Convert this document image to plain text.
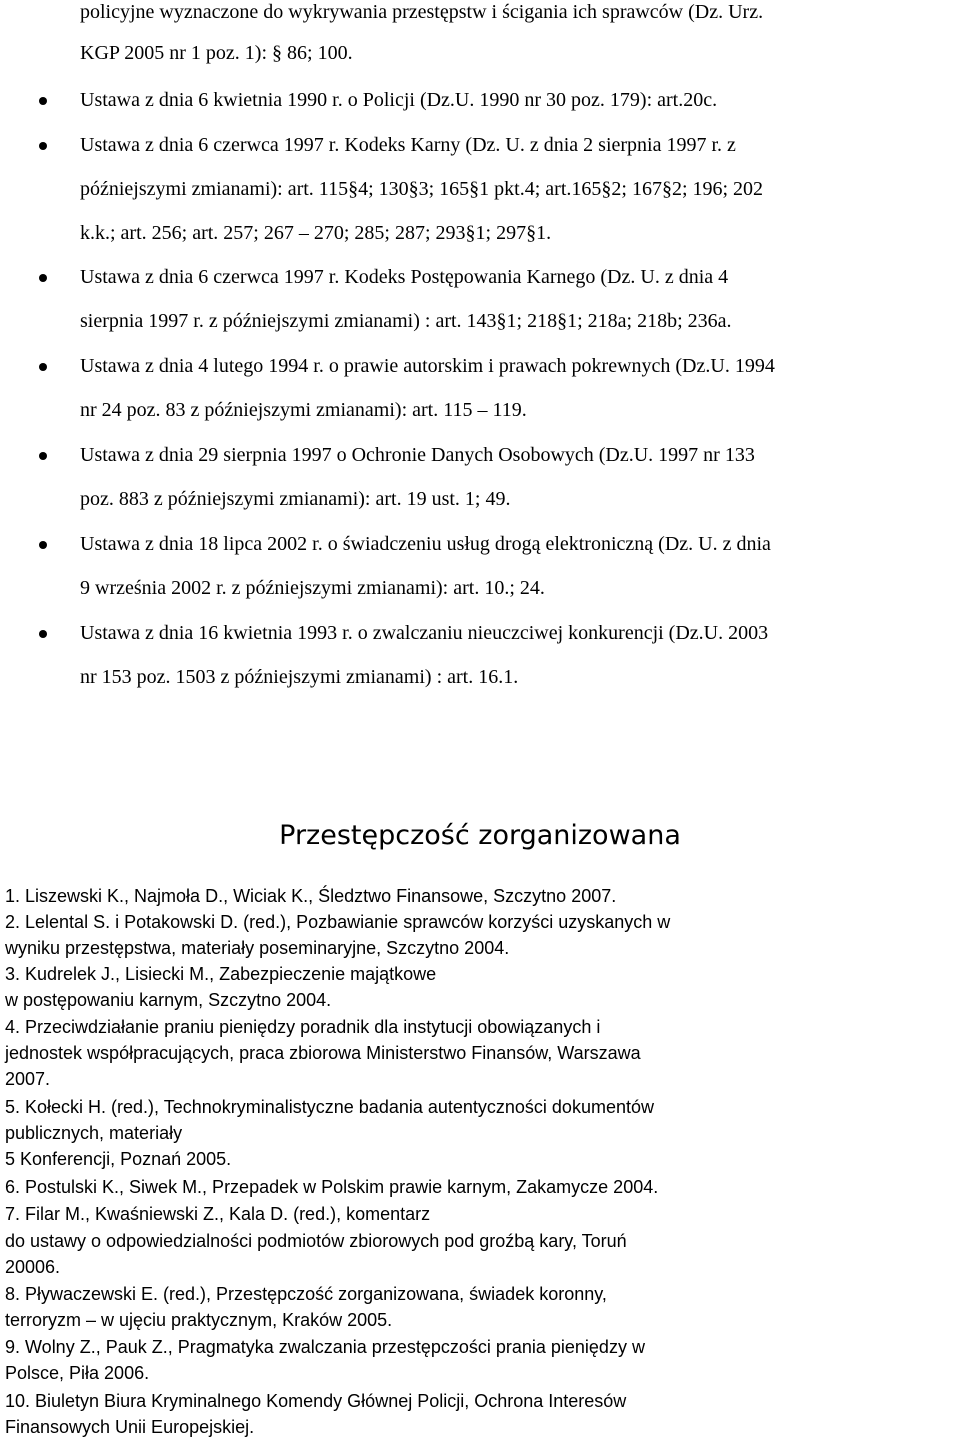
policyjne wyznaczone do wykrywania przestępstw i ścigania ich sprawców (Dz. Urz.

KGP 2005 nr 1 poz. 1): § 86; 100.

Ustawa z dnia 6 kwietnia 1990 r. o Policji (Dz.U. 1990 nr 30 poz. 179): art.20c.

Ustawa z dnia 6 czerwca 1997 r. Kodeks Karny (Dz. U. z dnia 2 sierpnia 1997 r. z

późniejszymi zmianami): art. 115§4; 130§3; 165§1 pkt.4; art.165§2; 167§2; 196; 202

k.k.; art. 256; art. 257; 267 – 270; 285; 287; 293§1; 297§1.

Ustawa z dnia 6 czerwca 1997 r. Kodeks Postępowania Karnego (Dz. U. z dnia 4

sierpnia 1997 r. z późniejszymi zmianami) : art. 143§1; 218§1; 218a; 218b; 236a.

Ustawa z dnia 4 lutego 1994 r. o prawie autorskim i prawach pokrewnych (Dz.U. 1994

nr 24 poz. 83 z późniejszymi zmianami): art. 115 – 119.

Ustawa z dnia 29 sierpnia 1997 o Ochronie Danych Osobowych (Dz.U. 1997 nr 133

poz. 883 z późniejszymi zmianami): art. 19 ust. 1; 49.

Ustawa z dnia 18 lipca 2002 r. o świadczeniu usług drogą elektroniczną (Dz. U. z dnia

9 września 2002 r. z późniejszymi zmianami): art. 10.; 24.

Ustawa z dnia 16 kwietnia 1993 r. o zwalczaniu nieuczciwej konkurencji (Dz.U. 2003

nr 153 poz. 1503 z późniejszymi zmianami) : art. 16.1.

Przestępczość zorganizowana

1. Liszewski K., Najmoła D., Wiciak K., Śledztwo Finansowe, Szczytno 2007.

2. Lelental S. i Potakowski D. (red.), Pozbawianie sprawców korzyści uzyskanych w

wyniku przestępstwa, materiały poseminaryjne, Szczytno 2004.

3. Kudrelek J., Lisiecki M., Zabezpieczenie majątkowe

w postępowaniu karnym, Szczytno 2004.

4. Przeciwdziałanie praniu pieniędzy poradnik dla instytucji obowiązanych i

jednostek współpracujących, praca zbiorowa Ministerstwo Finansów, Warszawa

2007.

5. Kołecki H. (red.), Technokryminalistyczne badania autentyczności dokumentów

publicznych, materiały

5 Konferencji, Poznań 2005.

6. Postulski K., Siwek M., Przepadek w Polskim prawie karnym, Zakamycze 2004.

7. Filar M., Kwaśniewski Z., Kala D. (red.), komentarz

do ustawy o odpowiedzialności podmiotów zbiorowych pod groźbą kary, Toruń

20006.

8. Pływaczewski E. (red.), Przestępczość zorganizowana, świadek koronny,

terroryzm – w ujęciu praktycznym, Kraków 2005.

9. Wolny Z., Pauk Z., Pragmatyka zwalczania przestępczości prania pieniędzy w

Polsce, Piła 2006.

10. Biuletyn Biura Kryminalnego Komendy Głównej Policji, Ochrona Interesów

Finansowych Unii Europejskiej.
